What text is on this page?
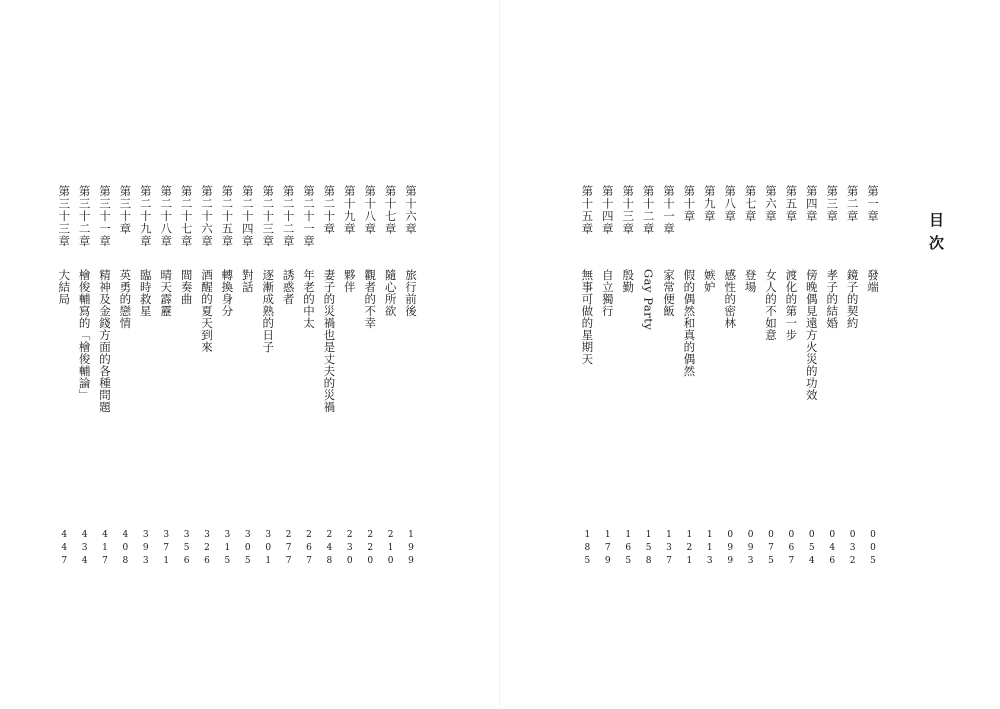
目次
第一章
發端
005
第二章
鏡子的契約
032
第三章
孝子的結婚
046
第四章
傍晚偶見遠方火災的功效
054
第五章
渡化的第一步
067
第六章
女人的不如意
075
第七章
登場
093
第八章
感性的密林
099
第九章
嫉妒
113
第十章
假的偶然和真的偶然
121
第十一章
家常便飯
137
第十二章
Gay Party
158
第十三章
殷勤
165
第十四章
自立獨行
179
第十五章
無事可做的星期天
185
第十六章
旅行前後
199
第十七章
隨心所欲
210
第十八章
觀者的不幸
220
第十九章
夥伴
230
第二十章
妻子的災禍也是丈夫的災禍
248
第二十一章
年老的中太
267
第二十二章
誘惑者
277
第二十三章
逐漸成熟的日子
301
第二十四章
對話
305
第二十五章
轉換身分
315
第二十六章
酒醒的夏天到來
326
第二十七章
間奏曲
356
第二十八章
晴天霹靂
371
第二十九章
臨時救星
393
第三十章
英勇的戀情
408
第三十一章
精神及金錢方面的各種問題
417
第三十二章
檜俊輔寫的「檜俊輔論」
434
第三十三章
大結局
447
